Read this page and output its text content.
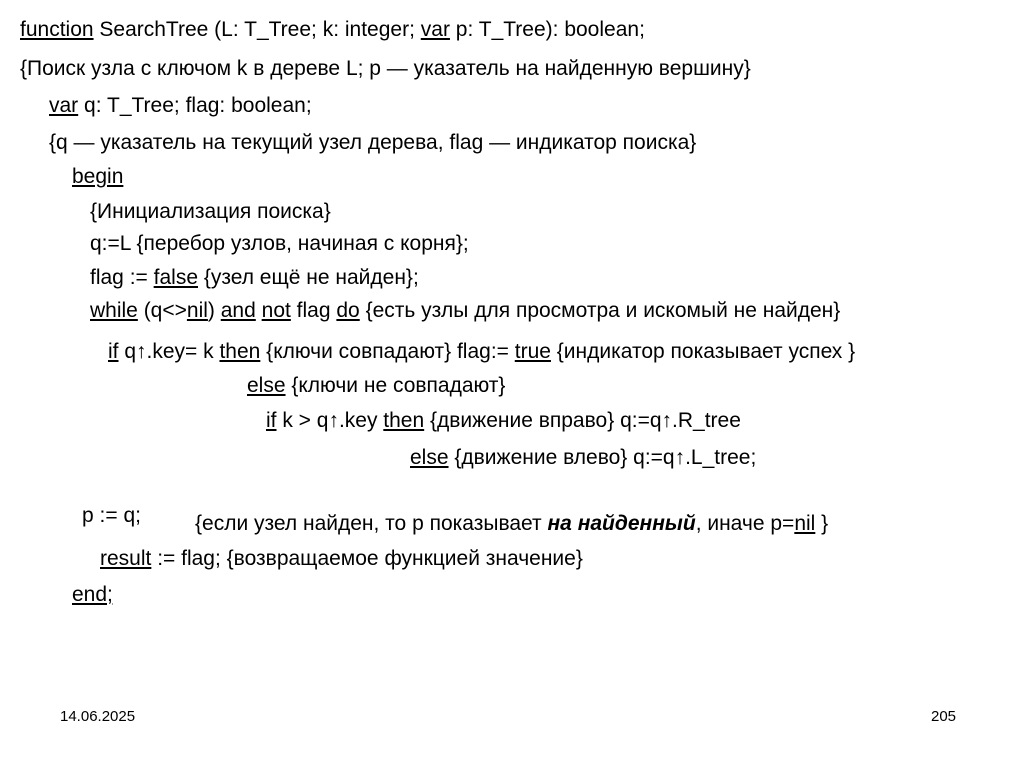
function SearchTree (L: T_Tree; k: integer; var p: T_Tree): boolean;
{Поиск узла с ключом k в дереве L; p — указатель на найденную вершину}
var q: T_Tree; flag: boolean;
{q — указатель на текущий узел дерева, flag — индикатор поиска}
begin
{Инициализация поиска}
q:=L {перебор узлов, начиная с корня};
flag := false {узел ещё не найден};
while (q<>nil) and not flag do {есть узлы для просмотра и искомый не найден}
if q↑.key= k then {ключи совпадают} flag:= true {индикатор показывает успех }
else {ключи не совпадают}
if k > q↑.key then {движение вправо} q:=q↑.R_tree
else {движение влево} q:=q↑.L_tree;
p := q;	{если узел найден, то p показывает на найденный, иначе p=nil }
result := flag; {возвращаемое функцией значение}
end;
14.06.2025	205
